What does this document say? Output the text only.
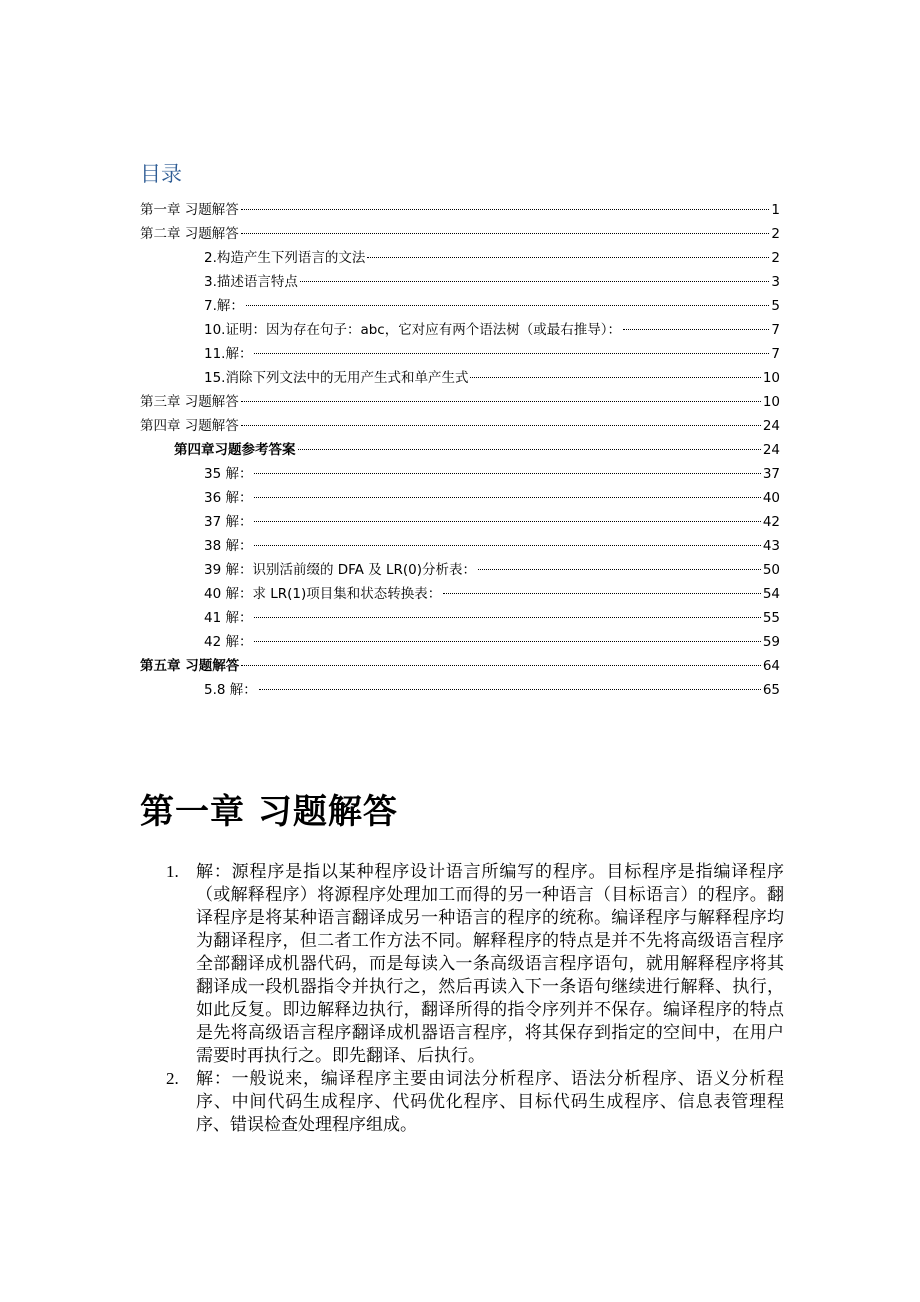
目录
第一章 习题解答	1
第二章 习题解答	2
2.构造产生下列语言的文法	2
3.描述语言特点	3
7.解：	5
10.证明：因为存在句子：abc，它对应有两个语法树（或最右推导）：	7
11.解：	7
15.消除下列文法中的无用产生式和单产生式	10
第三章 习题解答	10
第四章 习题解答	24
第四章习题参考答案	24
35 解：	37
36 解：	40
37 解：	42
38 解：	43
39 解：识别活前缀的 DFA 及 LR(0)分析表：	50
40 解：求 LR(1)项目集和状态转换表：	54
41 解：	55
42 解：	59
第五章 习题解答	64
5.8 解：	65
第一章 习题解答
1. 解：源程序是指以某种程序设计语言所编写的程序。目标程序是指编译程序（或解释程序）将源程序处理加工而得的另一种语言（目标语言）的程序。翻译程序是将某种语言翻译成另一种语言的程序的统称。编译程序与解释程序均为翻译程序，但二者工作方法不同。解释程序的特点是并不先将高级语言程序全部翻译成机器代码，而是每读入一条高级语言程序语句，就用解释程序将其翻译成一段机器指令并执行之，然后再读入下一条语句继续进行解释、执行，如此反复。即边解释边执行，翻译所得的指令序列并不保存。编译程序的特点是先将高级语言程序翻译成机器语言程序，将其保存到指定的空间中，在用户需要时再执行之。即先翻译、后执行。
2. 解：一般说来，编译程序主要由词法分析程序、语法分析程序、语义分析程序、中间代码生成程序、代码优化程序、目标代码生成程序、信息表管理程序、错误检查处理程序组成。
